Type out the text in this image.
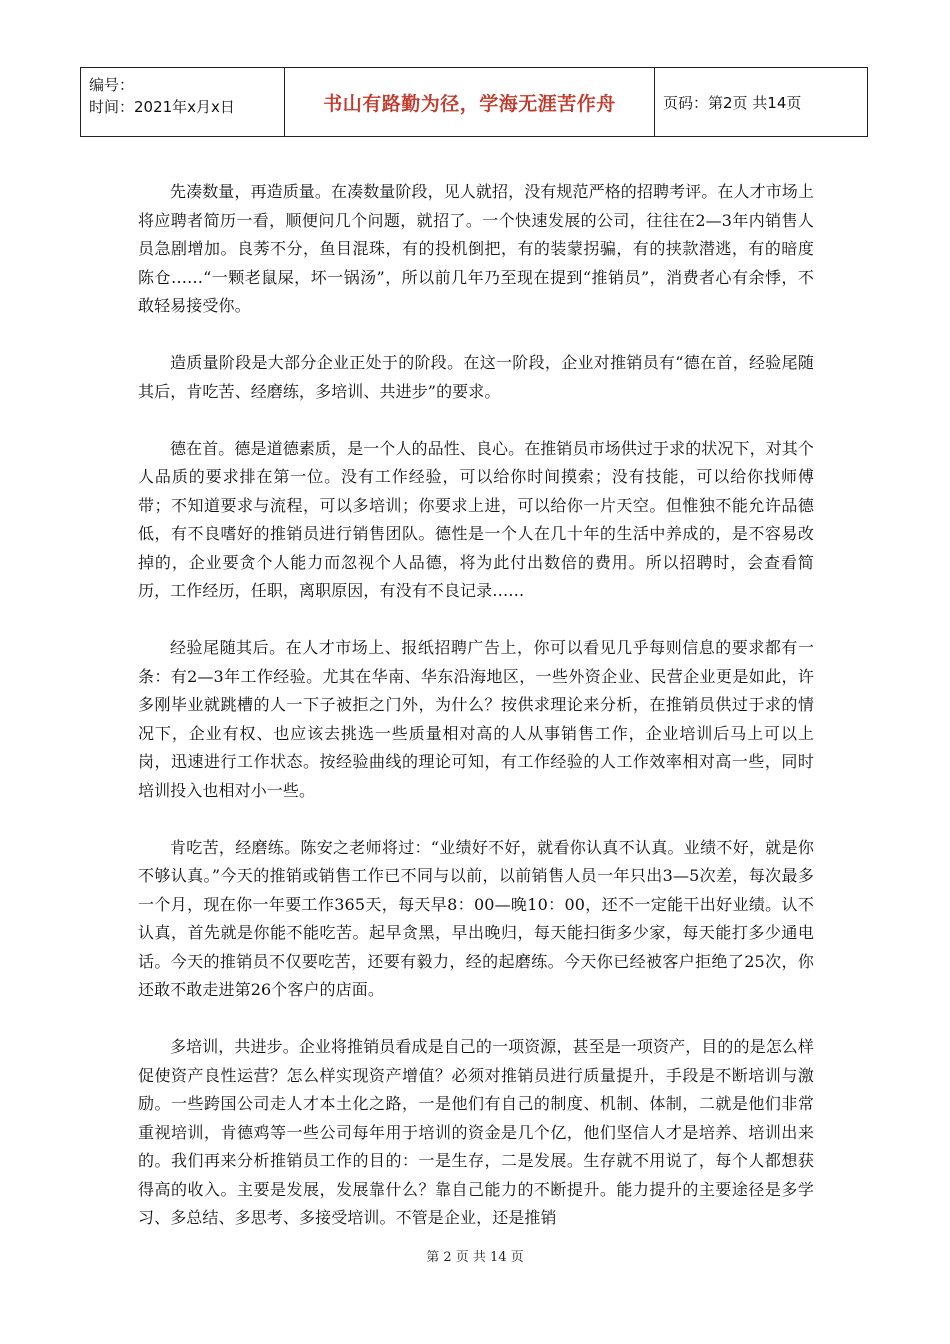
编号：
时间：2021年x月x日	书山有路勤为径，学海无涯苦作舟	页码：第2页 共14页

先凑数量，再造质量。在凑数量阶段，见人就招，没有规范严格的招聘考评。在人才市场上将应聘者简历一看，顺便问几个问题，就招了。一个快速发展的公司，往往在2—3年内销售人员急剧增加。良莠不分，鱼目混珠，有的投机倒把，有的装蒙拐骗，有的挟款潜逃，有的暗度陈仓……“一颗老鼠屎，坏一锅汤”，所以前几年乃至现在提到“推销员”，消费者心有余悸，不敢轻易接受你。

造质量阶段是大部分企业正处于的阶段。在这一阶段，企业对推销员有“德在首，经验尾随其后，肯吃苦、经磨练，多培训、共进步”的要求。

德在首。德是道德素质，是一个人的品性、良心。在推销员市场供过于求的状况下，对其个人品质的要求排在第一位。没有工作经验，可以给你时间摸索；没有技能，可以给你找师傅带；不知道要求与流程，可以多培训；你要求上进，可以给你一片天空。但惟独不能允许品德低，有不良嗜好的推销员进行销售团队。德性是一个人在几十年的生活中养成的，是不容易改掉的，企业要贪个人能力而忽视个人品德，将为此付出数倍的费用。所以招聘时，会查看简历，工作经历，任职，离职原因，有没有不良记录……

经验尾随其后。在人才市场上、报纸招聘广告上，你可以看见几乎每则信息的要求都有一条：有2—3年工作经验。尤其在华南、华东沿海地区，一些外资企业、民营企业更是如此，许多刚毕业就跳槽的人一下子被拒之门外，为什么？按供求理论来分析，在推销员供过于求的情况下，企业有权、也应该去挑选一些质量相对高的人从事销售工作，企业培训后马上可以上岗，迅速进行工作状态。按经验曲线的理论可知，有工作经验的人工作效率相对高一些，同时培训投入也相对小一些。

肯吃苦，经磨练。陈安之老师将过：“业绩好不好，就看你认真不认真。业绩不好，就是你不够认真。”今天的推销或销售工作已不同与以前，以前销售人员一年只出3—5次差，每次最多一个月，现在你一年要工作365天，每天早8：00—晚10：00，还不一定能干出好业绩。认不认真，首先就是你能不能吃苦。起早贪黑，早出晚归，每天能扫街多少家，每天能打多少通电话。今天的推销员不仅要吃苦，还要有毅力，经的起磨练。今天你已经被客户拒绝了25次，你还敢不敢走进第26个客户的店面。

多培训，共进步。企业将推销员看成是自己的一项资源，甚至是一项资产，目的的是怎么样促使资产良性运营？怎么样实现资产增值？必须对推销员进行质量提升，手段是不断培训与激励。一些跨国公司走人才本土化之路，一是他们有自己的制度、机制、体制，二就是他们非常重视培训，肯德鸡等一些公司每年用于培训的资金是几个亿，他们坚信人才是培养、培训出来的。我们再来分析推销员工作的目的：一是生存，二是发展。生存就不用说了，每个人都想获得高的收入。主要是发展，发展靠什么？靠自己能力的不断提升。能力提升的主要途径是多学习、多总结、多思考、多接受培训。不管是企业，还是推销

第 2 页 共 14 页
